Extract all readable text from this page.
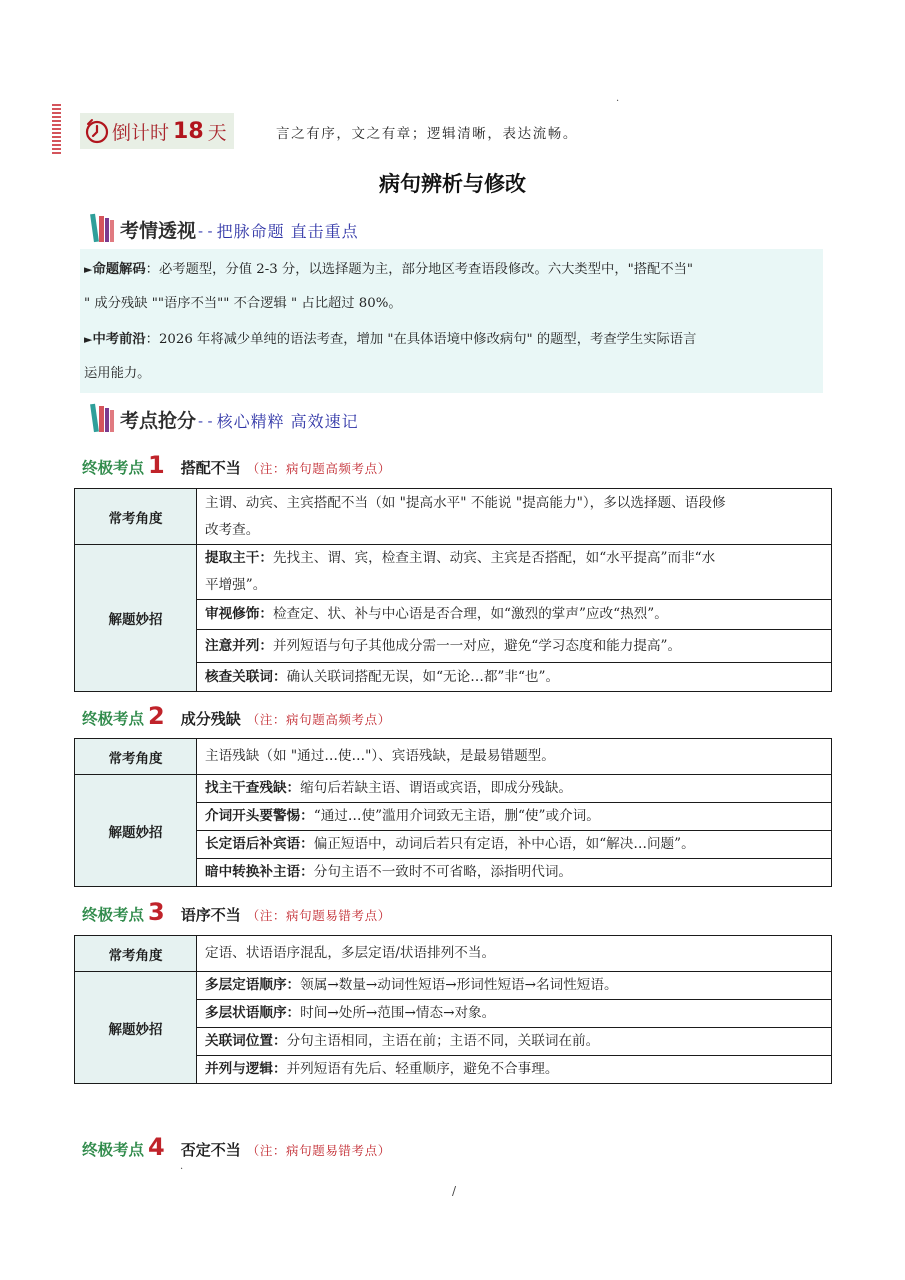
倒计时 18 天	言之有序，文之有章；逻辑清晰，表达流畅。
·
病句辨析与修改
考情透视 - - 把脉命题 直击重点
►命题解码：必考题型，分值 2-3 分，以选择题为主，部分地区考查语段修改。六大类型中，"搭配不当"
" 成分残缺 ""语序不当"" 不合逻辑 " 占比超过 80%。
►中考前沿：2026 年将减少单纯的语法考查，增加 "在具体语境中修改病句" 的题型，考查学生实际语言
运用能力。
考点抢分 - - 核心精粹 高效速记
终极考点 1 搭配不当 （注：病句题高频考点）
常考角度	主谓、动宾、主宾搭配不当（如 "提高水平" 不能说 "提高能力"），多以选择题、语段修
改考查。

解题妙招	提取主干：先找主、谓、宾，检查主谓、动宾、主宾是否搭配，如“水平提高”而非“水
平增强”。

	审视修饰：检查定、状、补与中心语是否合理，如“激烈的掌声”应改“热烈”。
	注意并列：并列短语与句子其他成分需一一对应，避免“学习态度和能力提高”。
	核查关联词：确认关联词搭配无误，如“无论…都”非“也”。
终极考点 2 成分残缺 （注：病句题高频考点）
常考角度	主语残缺（如 "通过…使…"）、宾语残缺，是最易错题型。
解题妙招	找主干查残缺：缩句后若缺主语、谓语或宾语，即成分残缺。
	介词开头要警惕：“通过…使”滥用介词致无主语，删“使”或介词。
	长定语后补宾语：偏正短语中，动词后若只有定语，补中心语，如“解决…问题”。
	暗中转换补主语：分句主语不一致时不可省略，添指明代词。
终极考点 3 语序不当 （注：病句题易错考点）
常考角度	定语、状语语序混乱，多层定语/状语排列不当。
解题妙招	多层定语顺序：领属→数量→动词性短语→形词性短语→名词性短语。
	多层状语顺序：时间→处所→范围→情态→对象。
	关联词位置：分句主语相同，主语在前；主语不同，关联词在前。
	并列与逻辑：并列短语有先后、轻重顺序，避免不合事理。
终极考点 4 否定不当 （注：病句题易错考点）
·
/
